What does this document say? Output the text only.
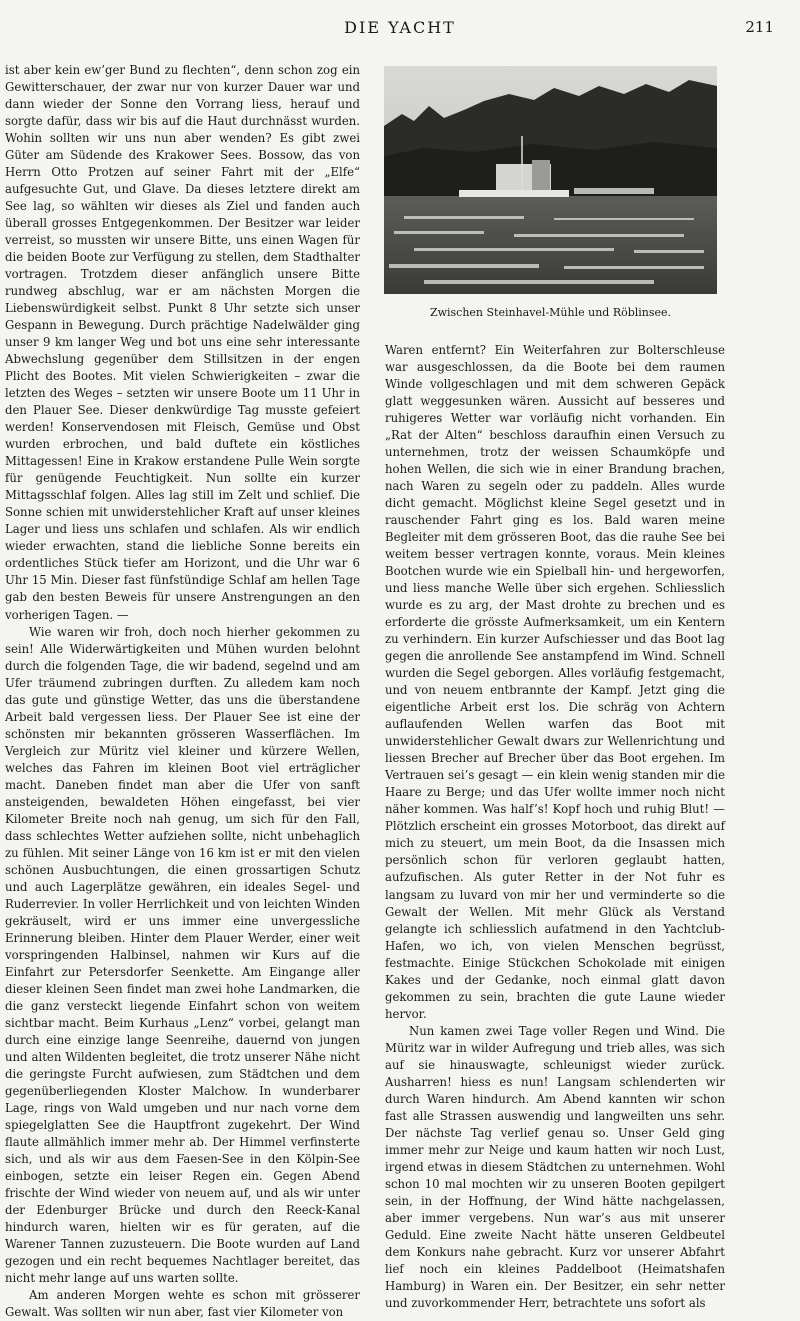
DIE YACHT	211

ist aber kein ew’ger Bund zu flechten“, denn schon zog ein Gewitterschauer, der zwar nur von kurzer Dauer war und dann wieder der Sonne den Vorrang liess, herauf und sorgte dafür, dass wir bis auf die Haut durchnässt wurden. Wohin sollten wir uns nun aber wenden? Es gibt zwei Güter am Südende des Krakower Sees. Bossow, das von Herrn Otto Protzen auf seiner Fahrt mit der „Elfe“ aufgesuchte Gut, und Glave. Da dieses letztere direkt am See lag, so wählten wir dieses als Ziel und fanden auch überall grosses Entgegenkommen. Der Besitzer war leider verreist, so mussten wir unsere Bitte, uns einen Wagen für die beiden Boote zur Verfügung zu stellen, dem Stadthalter vortragen. Trotzdem dieser anfänglich unsere Bitte rundweg abschlug, war er am nächsten Morgen die Liebenswürdigkeit selbst. Punkt 8 Uhr setzte sich unser Gespann in Bewegung. Durch prächtige Nadelwälder ging unser 9 km langer Weg und bot uns eine sehr interessante Abwechslung gegenüber dem Stillsitzen in der engen Plicht des Bootes. Mit vielen Schwierigkeiten – zwar die letzten des Weges – setzten wir unsere Boote um 11 Uhr in den Plauer See. Dieser denkwürdige Tag musste gefeiert werden! Konservendosen mit Fleisch, Gemüse und Obst wurden erbrochen, und bald duftete ein köstliches Mittagessen! Eine in Krakow erstandene Pulle Wein sorgte für genügende Feuchtigkeit. Nun sollte ein kurzer Mittagsschlaf folgen. Alles lag still im Zelt und schlief. Die Sonne schien mit unwiderstehlicher Kraft auf unser kleines Lager und liess uns schlafen und schlafen. Als wir endlich wieder erwachten, stand die liebliche Sonne bereits ein ordentliches Stück tiefer am Horizont, und die Uhr war 6 Uhr 15 Min. Dieser fast fünfstündige Schlaf am hellen Tage gab den besten Beweis für unsere Anstrengungen an den vorherigen Tagen. —

Wie waren wir froh, doch noch hierher gekommen zu sein! Alle Widerwärtigkeiten und Mühen wurden belohnt durch die folgenden Tage, die wir badend, segelnd und am Ufer träumend zubringen durften. Zu alledem kam noch das gute und günstige Wetter, das uns die überstandene Arbeit bald vergessen liess. Der Plauer See ist eine der schönsten mir bekannten grösseren Wasserflächen. Im Vergleich zur Müritz viel kleiner und kürzere Wellen, welches das Fahren im kleinen Boot viel erträglicher macht. Daneben findet man aber die Ufer von sanft ansteigenden, bewaldeten Höhen eingefasst, bei vier Kilometer Breite noch nah genug, um sich für den Fall, dass schlechtes Wetter aufziehen sollte, nicht unbehaglich zu fühlen. Mit seiner Länge von 16 km ist er mit den vielen schönen Ausbuchtungen, die einen grossartigen Schutz und auch Lagerplätze gewähren, ein ideales Segel- und Ruderrevier. In voller Herrlichkeit und von leichten Winden gekräuselt, wird er uns immer eine unvergessliche Erinnerung bleiben. Hinter dem Plauer Werder, einer weit vorspringenden Halbinsel, nahmen wir Kurs auf die Einfahrt zur Petersdorfer Seenkette. Am Eingange aller dieser kleinen Seen findet man zwei hohe Landmarken, die die ganz versteckt liegende Einfahrt schon von weitem sichtbar macht. Beim Kurhaus „Lenz“ vorbei, gelangt man durch eine einzige lange Seenreihe, dauernd von jungen und alten Wildenten begleitet, die trotz unserer Nähe nicht die geringste Furcht aufwiesen, zum Städtchen und dem gegenüberliegenden Kloster Malchow. In wunderbarer Lage, rings von Wald umgeben und nur nach vorne dem spiegelglatten See die Hauptfront zugekehrt. Der Wind flaute allmählich immer mehr ab. Der Himmel verfinsterte sich, und als wir aus dem Faesen-See in den Kölpin-See einbogen, setzte ein leiser Regen ein. Gegen Abend frischte der Wind wieder von neuem auf, und als wir unter der Edenburger Brücke und durch den Reeck-Kanal hindurch waren, hielten wir es für geraten, auf die Warener Tannen zuzusteuern. Die Boote wurden auf Land gezogen und ein recht bequemes Nachtlager bereitet, das nicht mehr lange auf uns warten sollte.

Am anderen Morgen wehte es schon mit grösserer Gewalt. Was sollten wir nun aber, fast vier Kilometer von

Zwischen Steinhavel-Mühle und Röblinsee.

Waren entfernt? Ein Weiterfahren zur Bolterschleuse war ausgeschlossen, da die Boote bei dem raumen Winde vollgeschlagen und mit dem schweren Gepäck glatt weggesunken wären. Aussicht auf besseres und ruhigeres Wetter war vorläufig nicht vorhanden. Ein „Rat der Alten“ beschloss daraufhin einen Versuch zu unternehmen, trotz der weissen Schaumköpfe und hohen Wellen, die sich wie in einer Brandung brachen, nach Waren zu segeln oder zu paddeln. Alles wurde dicht gemacht. Möglichst kleine Segel gesetzt und in rauschender Fahrt ging es los. Bald waren meine Begleiter mit dem grösseren Boot, das die rauhe See bei weitem besser vertragen konnte, voraus. Mein kleines Bootchen wurde wie ein Spielball hin- und hergeworfen, und liess manche Welle über sich ergehen. Schliesslich wurde es zu arg, der Mast drohte zu brechen und es erforderte die grösste Aufmerksamkeit, um ein Kentern zu verhindern. Ein kurzer Aufschiesser und das Boot lag gegen die anrollende See anstampfend im Wind. Schnell wurden die Segel geborgen. Alles vorläufig festgemacht, und von neuem entbrannte der Kampf. Jetzt ging die eigentliche Arbeit erst los. Die schräg von Achtern auflaufenden Wellen warfen das Boot mit unwiderstehlicher Gewalt dwars zur Wellenrichtung und liessen Brecher auf Brecher über das Boot ergehen. Im Vertrauen sei’s gesagt — ein klein wenig standen mir die Haare zu Berge; und das Ufer wollte immer noch nicht näher kommen. Was half’s! Kopf hoch und ruhig Blut! — Plötzlich erscheint ein grosses Motorboot, das direkt auf mich zu steuert, um mein Boot, da die Insassen mich persönlich schon für verloren geglaubt hatten, aufzufischen. Als guter Retter in der Not fuhr es langsam zu luvard von mir her und verminderte so die Gewalt der Wellen. Mit mehr Glück als Verstand gelangte ich schliesslich aufatmend in den Yachtclub-Hafen, wo ich, von vielen Menschen begrüsst, festmachte. Einige Stückchen Schokolade mit einigen Kakes und der Gedanke, noch einmal glatt davon gekommen zu sein, brachten die gute Laune wieder hervor.

Nun kamen zwei Tage voller Regen und Wind. Die Müritz war in wilder Aufregung und trieb alles, was sich auf sie hinauswagte, schleunigst wieder zurück. Ausharren! hiess es nun! Langsam schlenderten wir durch Waren hindurch. Am Abend kannten wir schon fast alle Strassen auswendig und langweilten uns sehr. Der nächste Tag verlief genau so. Unser Geld ging immer mehr zur Neige und kaum hatten wir noch Lust, irgend etwas in diesem Städtchen zu unternehmen. Wohl schon 10 mal mochten wir zu unseren Booten gepilgert sein, in der Hoffnung, der Wind hätte nachgelassen, aber immer vergebens. Nun war’s aus mit unserer Geduld. Eine zweite Nacht hätte unseren Geldbeutel dem Konkurs nahe gebracht. Kurz vor unserer Abfahrt lief noch ein kleines Paddelboot (Heimatshafen Hamburg) in Waren ein. Der Besitzer, ein sehr netter und zuvorkommender Herr, betrachtete uns sofort als
